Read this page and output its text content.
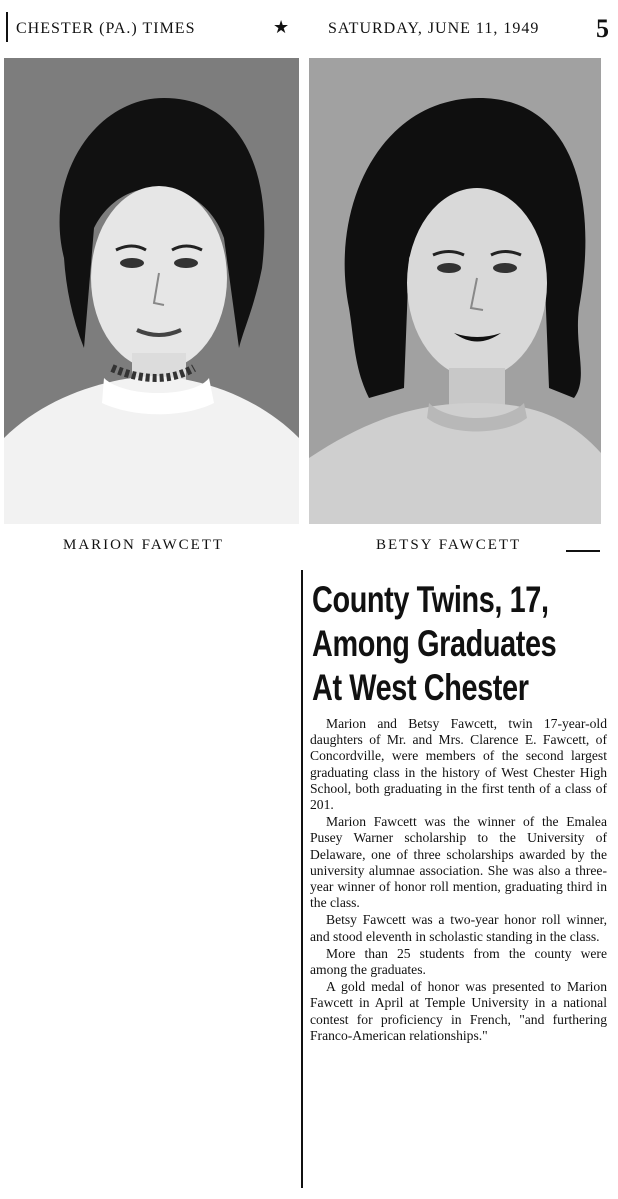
CHESTER (PA.) TIMES	★ SATURDAY, JUNE 11, 1949 5
MARION FAWCETT	BETSY FAWCETT
County Twins, 17,
Among Graduates
At West Chester

Marion and Betsy Fawcett, twin 17-year-old daughters of Mr. and Mrs. Clarence E. Fawcett, of Concordville, were members of the second largest graduating class in the history of West Chester High School, both graduating in the first tenth of a class of 201.

Marion Fawcett was the winner of the Emalea Pusey Warner scholarship to the University of Delaware, one of three scholarships awarded by the university alumnae association. She was also a three-year winner of honor roll mention, graduating third in the class.

Betsy Fawcett was a two-year honor roll winner, and stood eleventh in scholastic standing in the class.

More than 25 students from the county were among the graduates.

A gold medal of honor was presented to Marion Fawcett in April at Temple University in a national contest for proficiency in French, "and furthering Franco-American relationships."
